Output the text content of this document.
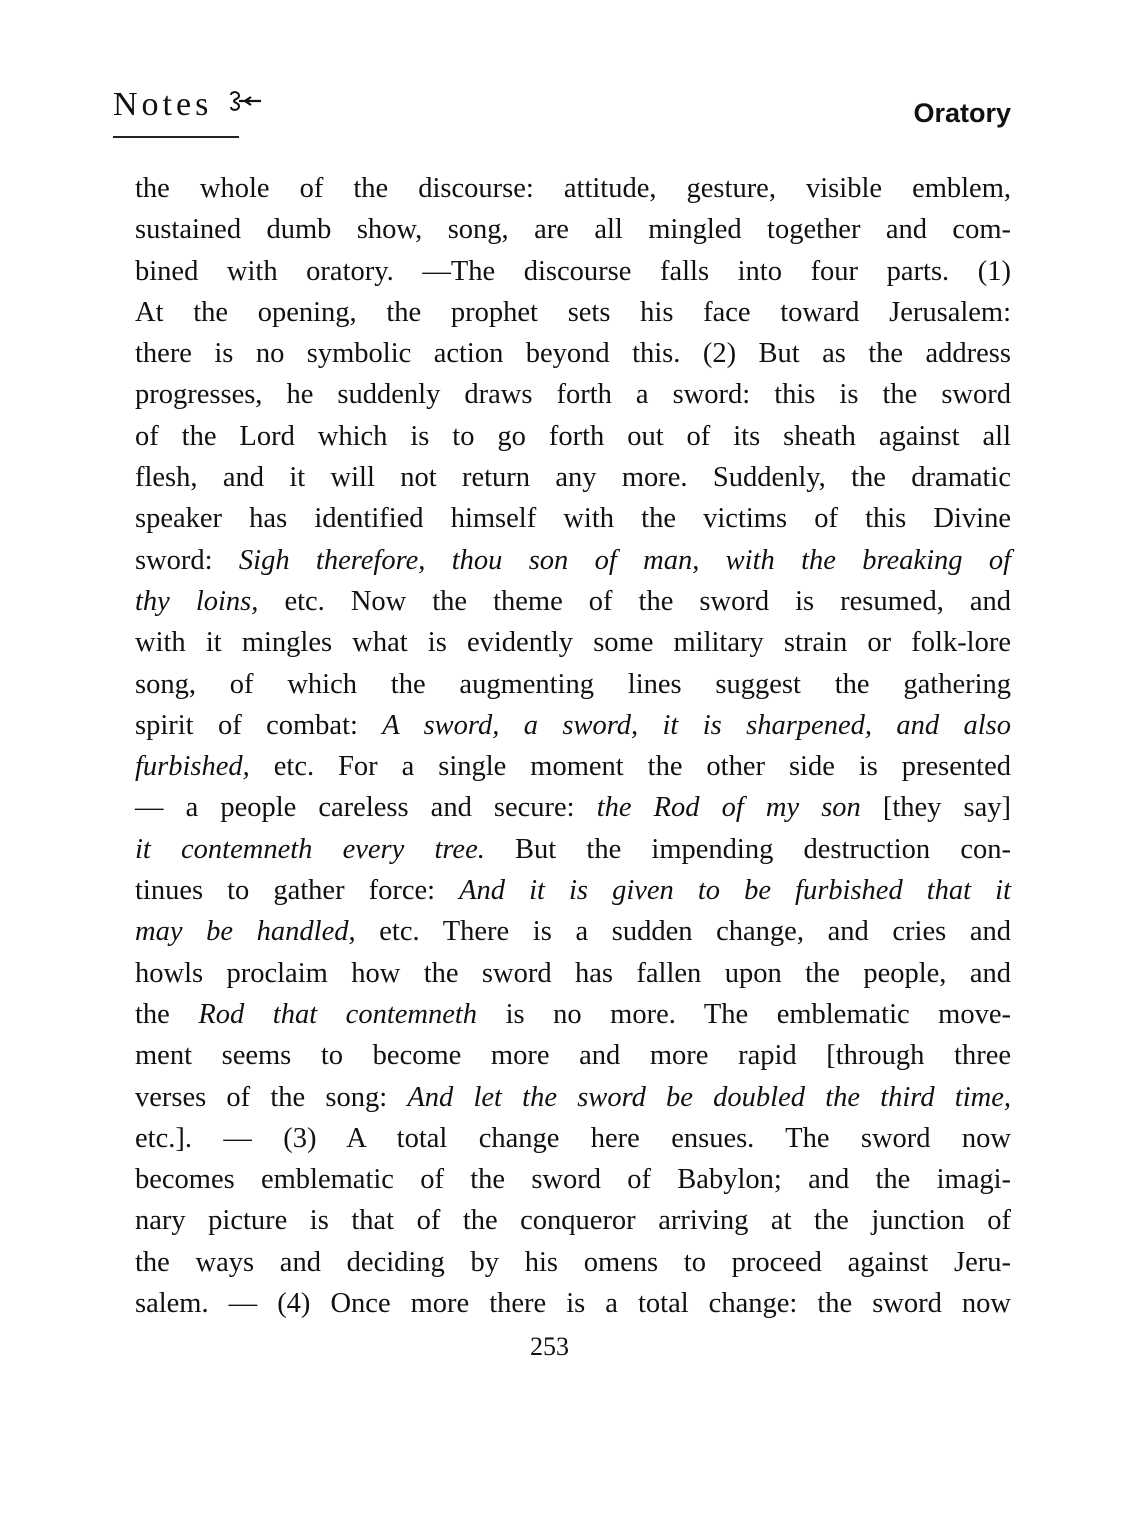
Notes	Oratory
the whole of the discourse: attitude, gesture, visible emblem,
sustained dumb show, song, are all mingled together and com-
bined with oratory. —The discourse falls into four parts. (1)
At the opening, the prophet sets his face toward Jerusalem:
there is no symbolic action beyond this. (2) But as the address
progresses, he suddenly draws forth a sword: this is the sword
of the Lord which is to go forth out of its sheath against all
flesh, and it will not return any more. Suddenly, the dramatic
speaker has identified himself with the victims of this Divine
sword: Sigh therefore, thou son of man, with the breaking of
thy loins, etc. Now the theme of the sword is resumed, and
with it mingles what is evidently some military strain or folk-lore
song, of which the augmenting lines suggest the gathering
spirit of combat: A sword, a sword, it is sharpened, and also
furbished, etc. For a single moment the other side is presented
— a people careless and secure: the Rod of my son [they say]
it contemneth every tree. But the impending destruction con-
tinues to gather force: And it is given to be furbished that it
may be handled, etc. There is a sudden change, and cries and
howls proclaim how the sword has fallen upon the people, and
the Rod that contemneth is no more. The emblematic move-
ment seems to become more and more rapid [through three
verses of the song: And let the sword be doubled the third time,
etc.]. — (3) A total change here ensues. The sword now
becomes emblematic of the sword of Babylon; and the imagi-
nary picture is that of the conqueror arriving at the junction of
the ways and deciding by his omens to proceed against Jeru-
salem. — (4) Once more there is a total change: the sword now
253
